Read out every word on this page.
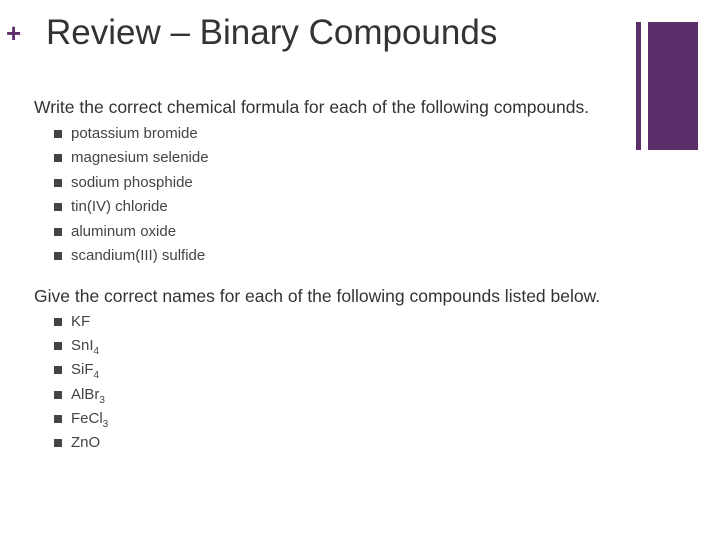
+ Review – Binary Compounds

Write the correct chemical formula for each of the following compounds.

potassium bromide
magnesium selenide
sodium phosphide
tin(IV) chloride
aluminum oxide
scandium(III) sulfide

Give the correct names for each of the following compounds listed below.

KF
SnI$_4$
SiF$_4$
AlBr$_3$
FeCl$_3$
ZnO
